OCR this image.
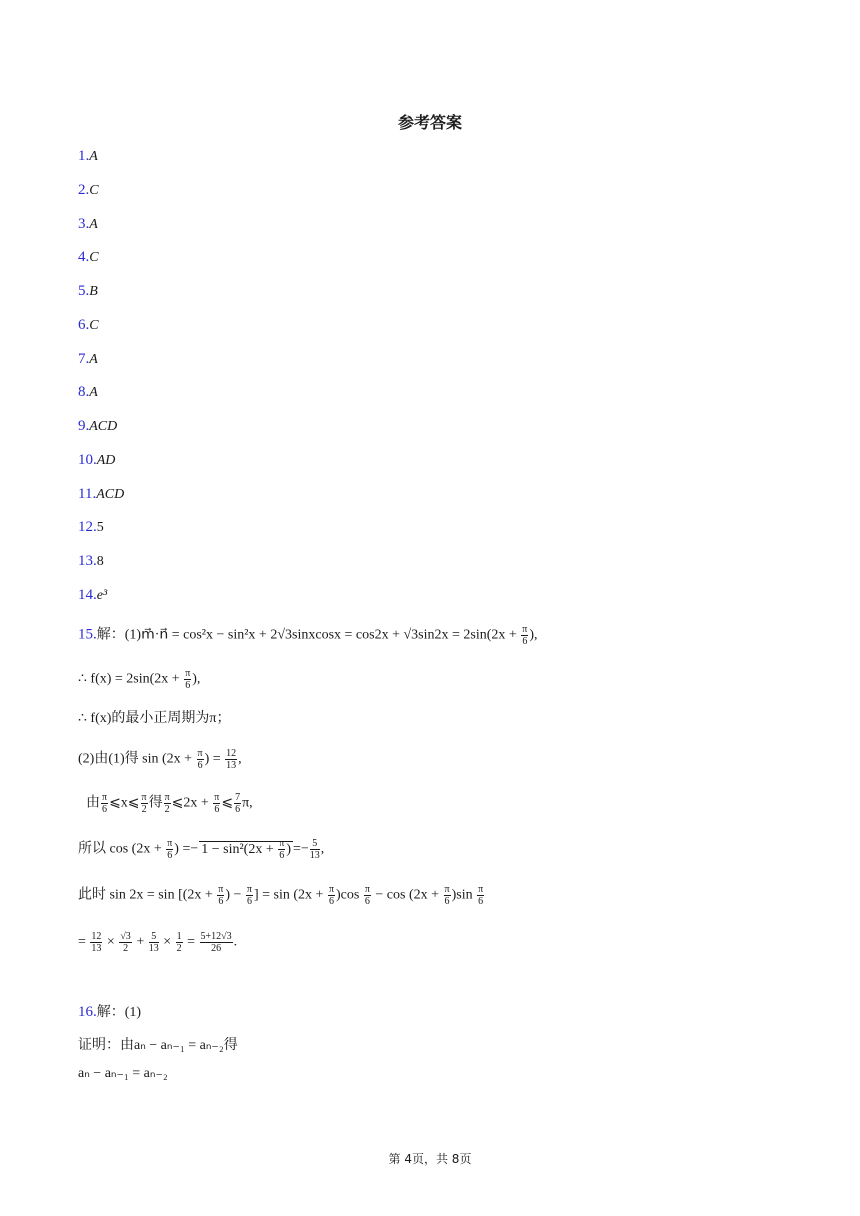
参考答案
1.A
2.C
3.A
4.C
5.B
6.C
7.A
8.A
9.ACD
10.AD
11.ACD
12.5
13.8
14.e³
15.解：(1)m⃗·n⃗ = cos²x − sin²x + 2√3sinxcosx = $\cos 2x + √3\sin 2x = 2\sin(2x + \frac{\pi}{6}$ ),
∴ $f(x) = 2\sin(2x + \frac{\pi}{6}$ ),
∴ f(x)的最小正周期为π；
(2)由(1)得 $\sin (2x + \frac{\pi}{6}$ ) = $\frac{12}{13}$ ,
由 $\frac{\pi}{6}$ ⩽x⩽ $\frac{\pi}{2}$ 得 $\frac{\pi}{2}$ ⩽2x + $\frac{\pi}{6}$ ⩽ $\frac{7}{6} \pi$,
所以 $\cos (2x + \frac{\pi}{6}$ ) =− $1 - \sin^2(2x + \frac{\pi}{6}$ ) =− $\frac{5}{13}$ ,
此时 $\sin 2x = \sin [(2x + \frac{\pi}{6}$ ) − $\frac{\pi}{6}$ ] = $\sin (2x + \frac{\pi}{6} )\cos \frac{\pi}{6} - \cos (2x + \frac{\pi}{6} )\sin \frac{\pi}{6}$
= $\frac{12}{13} \times \frac{√3}{2} + \frac{5}{13} \times \frac{1}{2} = \frac{5+12√3}{26}$ .
16.解：(1)
证明：由aₙ − aₙ₋₁ = aₙ₋₂得
aₙ − aₙ₋₁ = aₙ₋₂
第 4页，共 8页
